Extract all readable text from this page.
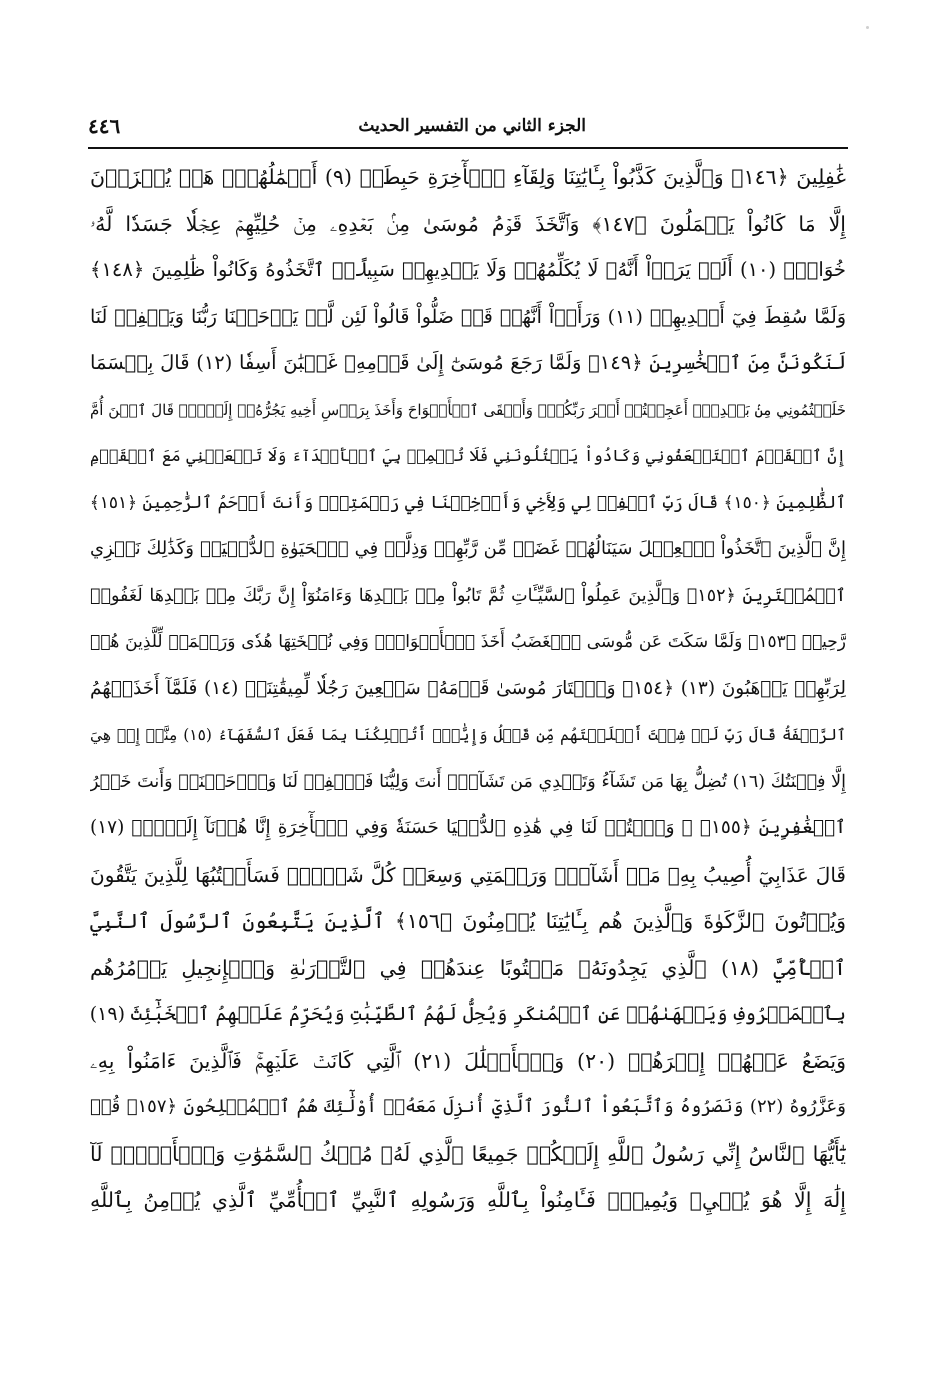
الجزء الثاني من التفسير الحديث
٤٤٦
غَٰفِلِينَ ﴿١٤٦﴾ وَٱلَّذِينَ كَذَّبُواْ بِـَٔايَٰتِنَا وَلِقَآءِ ٱلۡأٓخِرَةِ حَبِطَتۡ (٩) أَعۡمَٰلُهُمۡۚ هَلۡ يُجۡزَوۡنَ
إِلَّا مَا كَانُواْ يَعۡمَلُونَ ﴿١٤٧﴾ وَٱتَّخَذَ قَوۡمُ مُوسَىٰ مِنۢ بَعۡدِهِۦ مِنۡ حُلِيِّهِمۡ عِجۡلٗا جَسَدٗا لَّهُۥ
خُوَارٌۚ (١٠) أَلَمۡ يَرَوۡاْ أَنَّهُۥ لَا يُكَلِّمُهُمۡ وَلَا يَهۡدِيهِمۡ سَبِيلًاۘ ٱتَّخَذُوهُ وَكَانُواْ ظَٰلِمِينَ ﴿١٤٨﴾
وَلَمَّا سُقِطَ فِيٓ أَيۡدِيهِمۡ (١١) وَرَأَوۡاْ أَنَّهُمۡ قَدۡ ضَلُّواْ قَالُواْ لَئِن لَّمۡ يَرۡحَمۡنَا رَبُّنَا وَيَغۡفِرۡ لَنَا
لَنَكُونَنَّ مِنَ ٱلۡخَٰسِرِينَ ﴿١٤٩﴾ وَلَمَّا رَجَعَ مُوسَىٰٓ إِلَىٰ قَوۡمِهِۦ غَضۡبَٰنَ أَسِفٗا (١٢) قَالَ بِئۡسَمَا
خَلَفۡتُمُونِي مِنۢ بَعۡدِيٓۖ أَعَجِلۡتُمۡ أَمۡرَ رَبِّكُمۡۖ وَأَلۡقَى ٱلۡأَلۡوَاحَ وَأَخَذَ بِرَأۡسِ أَخِيهِ يَجُرُّهُۥٓ إِلَيۡهِۚ قَالَ ٱبۡنَ أُمَّ
إِنَّ ٱلۡقَوۡمَ ٱسۡتَضۡعَفُونِي وَكَادُواْ يَقۡتُلُونَنِي فَلَا تُشۡمِتۡ بِيَ ٱلۡأَعۡدَآءَ وَلَا تَجۡعَلۡنِي مَعَ ٱلۡقَوۡمِ
ٱلظَّٰلِمِينَ ﴿١٥٠﴾ قَالَ رَبِّ ٱغۡفِرۡ لِي وَلِأَخِي وَأَدۡخِلۡنَا فِي رَحۡمَتِكَۖ وَأَنتَ أَرۡحَمُ ٱلرَّٰحِمِينَ ﴿١٥١﴾
إِنَّ ٱلَّذِينَ ٱتَّخَذُواْ ٱلۡعِجۡلَ سَيَنَالُهُمۡ غَضَبٞ مِّن رَّبِّهِمۡ وَذِلَّةٞ فِي ٱلۡحَيَوٰةِ ٱلدُّنۡيَاۚ وَكَذَٰلِكَ نَجۡزِي
ٱلۡمُفۡتَرِينَ ﴿١٥٢﴾ وَٱلَّذِينَ عَمِلُواْ ٱلسَّيِّـَٔاتِ ثُمَّ تَابُواْ مِنۢ بَعۡدِهَا وَءَامَنُوٓاْ إِنَّ رَبَّكَ مِنۢ بَعۡدِهَا لَغَفُورٞ
رَّحِيمٞ ﴿١٥٣﴾ وَلَمَّا سَكَتَ عَن مُّوسَى ٱلۡغَضَبُ أَخَذَ ٱلۡأَلۡوَاحَۖ وَفِي نُسۡخَتِهَا هُدٗى وَرَحۡمَةٞ لِّلَّذِينَ هُمۡ
لِرَبِّهِمۡ يَرۡهَبُونَ (١٣) ﴿١٥٤﴾ وَٱخۡتَارَ مُوسَىٰ قَوۡمَهُۥ سَبۡعِينَ رَجُلٗا لِّمِيقَٰتِنَاۖ (١٤) فَلَمَّآ أَخَذَتۡهُمُ
ٱلرَّجۡفَةُ قَالَ رَبِّ لَوۡ شِئۡتَ أَهۡلَكۡتَهُم مِّن قَبۡلُ وَإِيَّٰيَۖ أَتُهۡلِكُنَا بِمَا فَعَلَ ٱلسُّفَهَآءُ (١٥) مِنَّآۖ إِنۡ هِيَ
إِلَّا فِتۡنَتُكَ (١٦) تُضِلُّ بِهَا مَن تَشَآءُ وَتَهۡدِي مَن تَشَآءُۖ أَنتَ وَلِيُّنَا فَٱغۡفِرۡ لَنَا وَٱرۡحَمۡنَاۖ وَأَنتَ خَيۡرُ
ٱلۡغَٰفِرِينَ ﴿١٥٥﴾ ۞ وَٱكۡتُبۡ لَنَا فِي هَٰذِهِ ٱلدُّنۡيَا حَسَنَةٗ وَفِي ٱلۡأٓخِرَةِ إِنَّا هُدۡنَآ إِلَيۡكَۚ (١٧)
قَالَ عَذَابِيٓ أُصِيبُ بِهِۦ مَنۡ أَشَآءُۖ وَرَحۡمَتِي وَسِعَتۡ كُلَّ شَيۡءٖۚ فَسَأَكۡتُبُهَا لِلَّذِينَ يَتَّقُونَ
وَيُؤۡتُونَ ٱلزَّكَوٰةَ وَٱلَّذِينَ هُم بِـَٔايَٰتِنَا يُؤۡمِنُونَ ﴿١٥٦﴾ ٱلَّذِينَ يَتَّبِعُونَ ٱلرَّسُولَ ٱلنَّبِيَّ
ٱلۡأُمِّيَّ (١٨) ٱلَّذِي يَجِدُونَهُۥ مَكۡتُوبًا عِندَهُمۡ فِي ٱلتَّوۡرَىٰةِ وَٱلۡإِنجِيلِ يَأۡمُرُهُم
بِٱلۡمَعۡرُوفِ وَيَنۡهَىٰهُمۡ عَنِ ٱلۡمُنكَرِ وَيُحِلُّ لَهُمُ ٱلطَّيِّبَٰتِ وَيُحَرِّمُ عَلَيۡهِمُ ٱلۡخَبَٰٓئِثَ (١٩)
وَيَضَعُ عَنۡهُمۡ إِصۡرَهُمۡ (٢٠) وَٱلۡأَغۡلَٰلَ (٢١) ٱلَّتِي كَانَتۡ عَلَيۡهِمۡۚ فَٱلَّذِينَ ءَامَنُواْ بِهِۦ
وَعَزَّرُوهُ (٢٢) وَنَصَرُوهُ وَٱتَّبَعُواْ ٱلنُّورَ ٱلَّذِيٓ أُنزِلَ مَعَهُۥٓ أُوْلَٰٓئِكَ هُمُ ٱلۡمُفۡلِحُونَ ﴿١٥٧﴾ قُلۡ
يَٰٓأَيُّهَا ٱلنَّاسُ إِنِّي رَسُولُ ٱللَّهِ إِلَيۡكُمۡ جَمِيعًا ٱلَّذِي لَهُۥ مُلۡكُ ٱلسَّمَٰوَٰتِ وَٱلۡأَرۡضِۖ لَآ
إِلَٰهَ إِلَّا هُوَ يُحۡيِۦ وَيُمِيتُۖ فَـَٔامِنُواْ بِٱللَّهِ وَرَسُولِهِ ٱلنَّبِيِّ ٱلۡأُمِّيِّ ٱلَّذِي يُؤۡمِنُ بِٱللَّهِ
